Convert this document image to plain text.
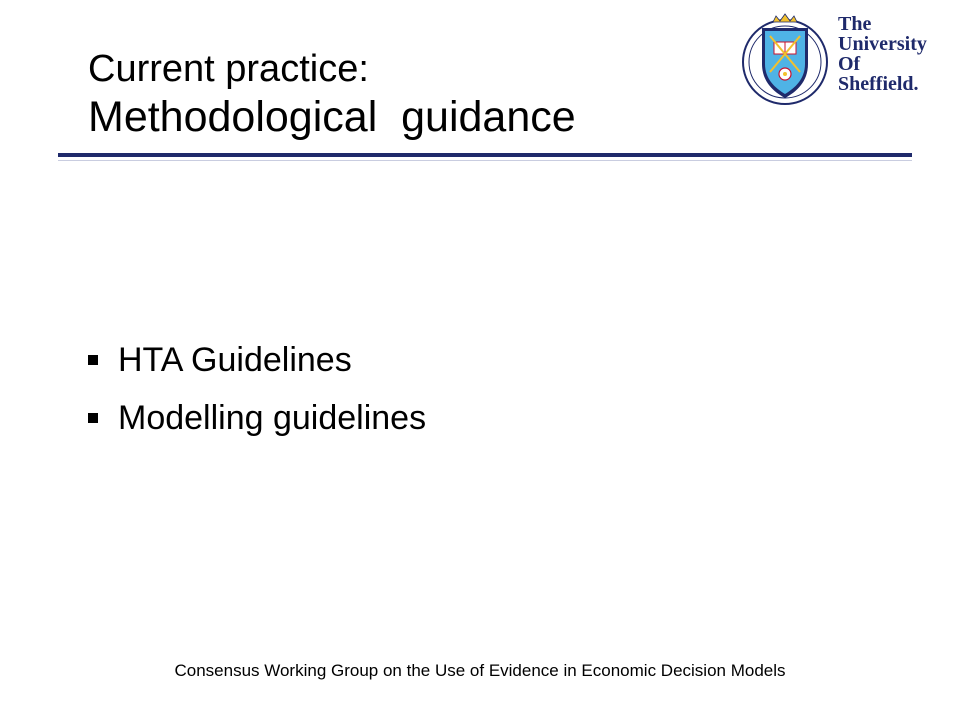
Current practice:
Methodological  guidance
The
University
Of
Sheffield.
HTA Guidelines
Modelling guidelines
Consensus Working Group on the Use of Evidence in Economic Decision Models
